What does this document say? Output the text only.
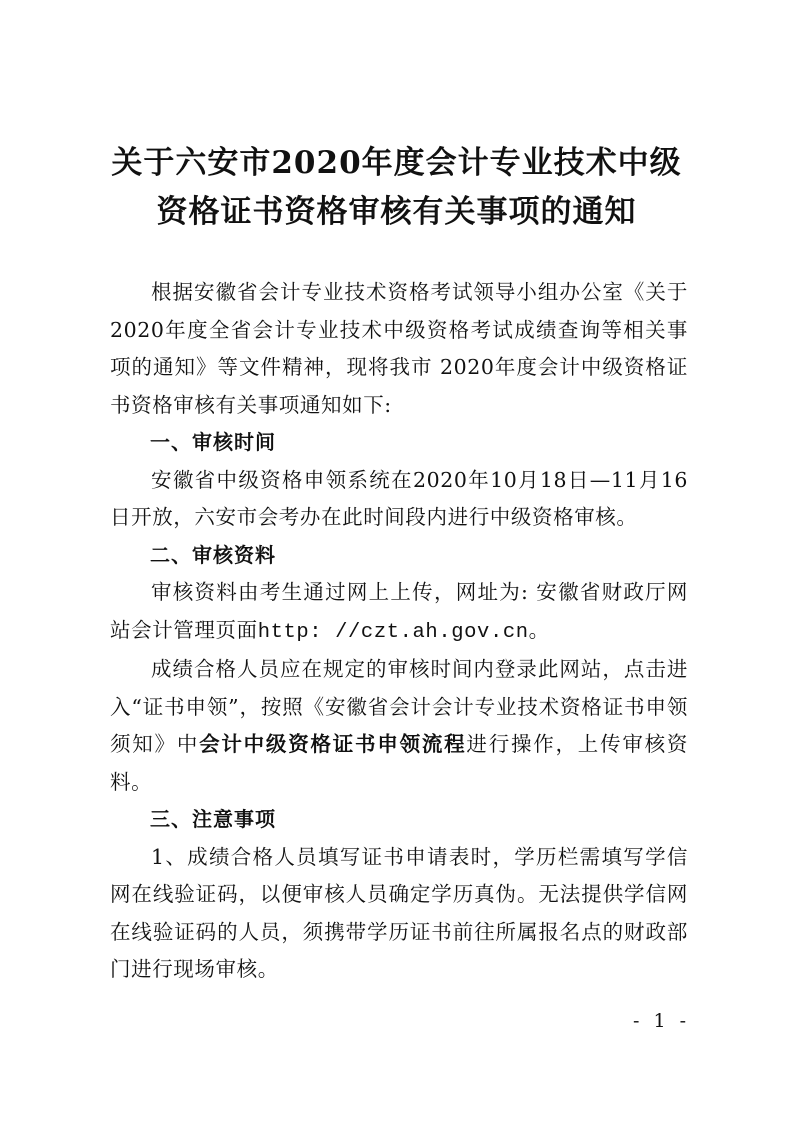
关于六安市2020年度会计专业技术中级
资格证书资格审核有关事项的通知

根据安徽省会计专业技术资格考试领导小组办公室《关于2020年度全省会计专业技术中级资格考试成绩查询等相关事项的通知》等文件精神，现将我市 2020年度会计中级资格证书资格审核有关事项通知如下:

一、审核时间

安徽省中级资格申领系统在2020年10月18日—11月16日开放，六安市会考办在此时间段内进行中级资格审核。

二、审核资料

审核资料由考生通过网上上传，网址为: 安徽省财政厅网站会计管理页面http: //czt.ah.gov.cn。

成绩合格人员应在规定的审核时间内登录此网站，点击进入“证书申领”，按照《安徽省会计会计专业技术资格证书申领须知》中会计中级资格证书申领流程进行操作，上传审核资料。

三、注意事项

1、成绩合格人员填写证书申请表时，学历栏需填写学信网在线验证码，以便审核人员确定学历真伪。无法提供学信网在线验证码的人员，须携带学历证书前往所属报名点的财政部门进行现场审核。

- 1 -
